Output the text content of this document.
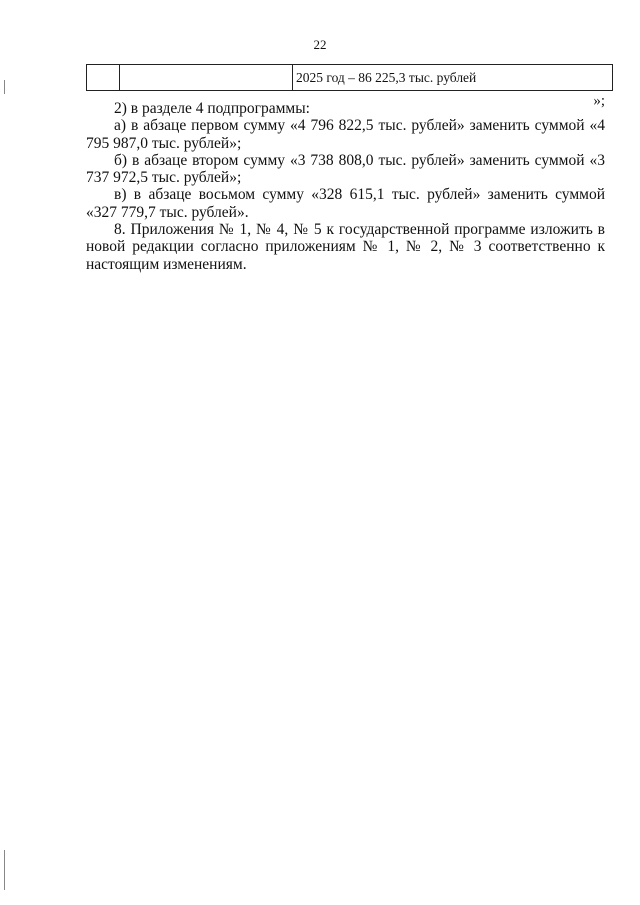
22
		2025 год – 86 225,3 тыс. рублей
»;

2) в разделе 4 подпрограммы:

а) в абзаце первом сумму «4 796 822,5 тыс. рублей» заменить суммой «4 795 987,0 тыс. рублей»;

б) в абзаце втором сумму «3 738 808,0 тыс. рублей» заменить суммой «3 737 972,5 тыс. рублей»;

в) в абзаце восьмом сумму «328 615,1 тыс. рублей» заменить суммой «327 779,7 тыс. рублей».

8. Приложения № 1, № 4, № 5 к государственной программе изложить в новой редакции согласно приложениям № 1, № 2, № 3 соответственно к настоящим изменениям.
